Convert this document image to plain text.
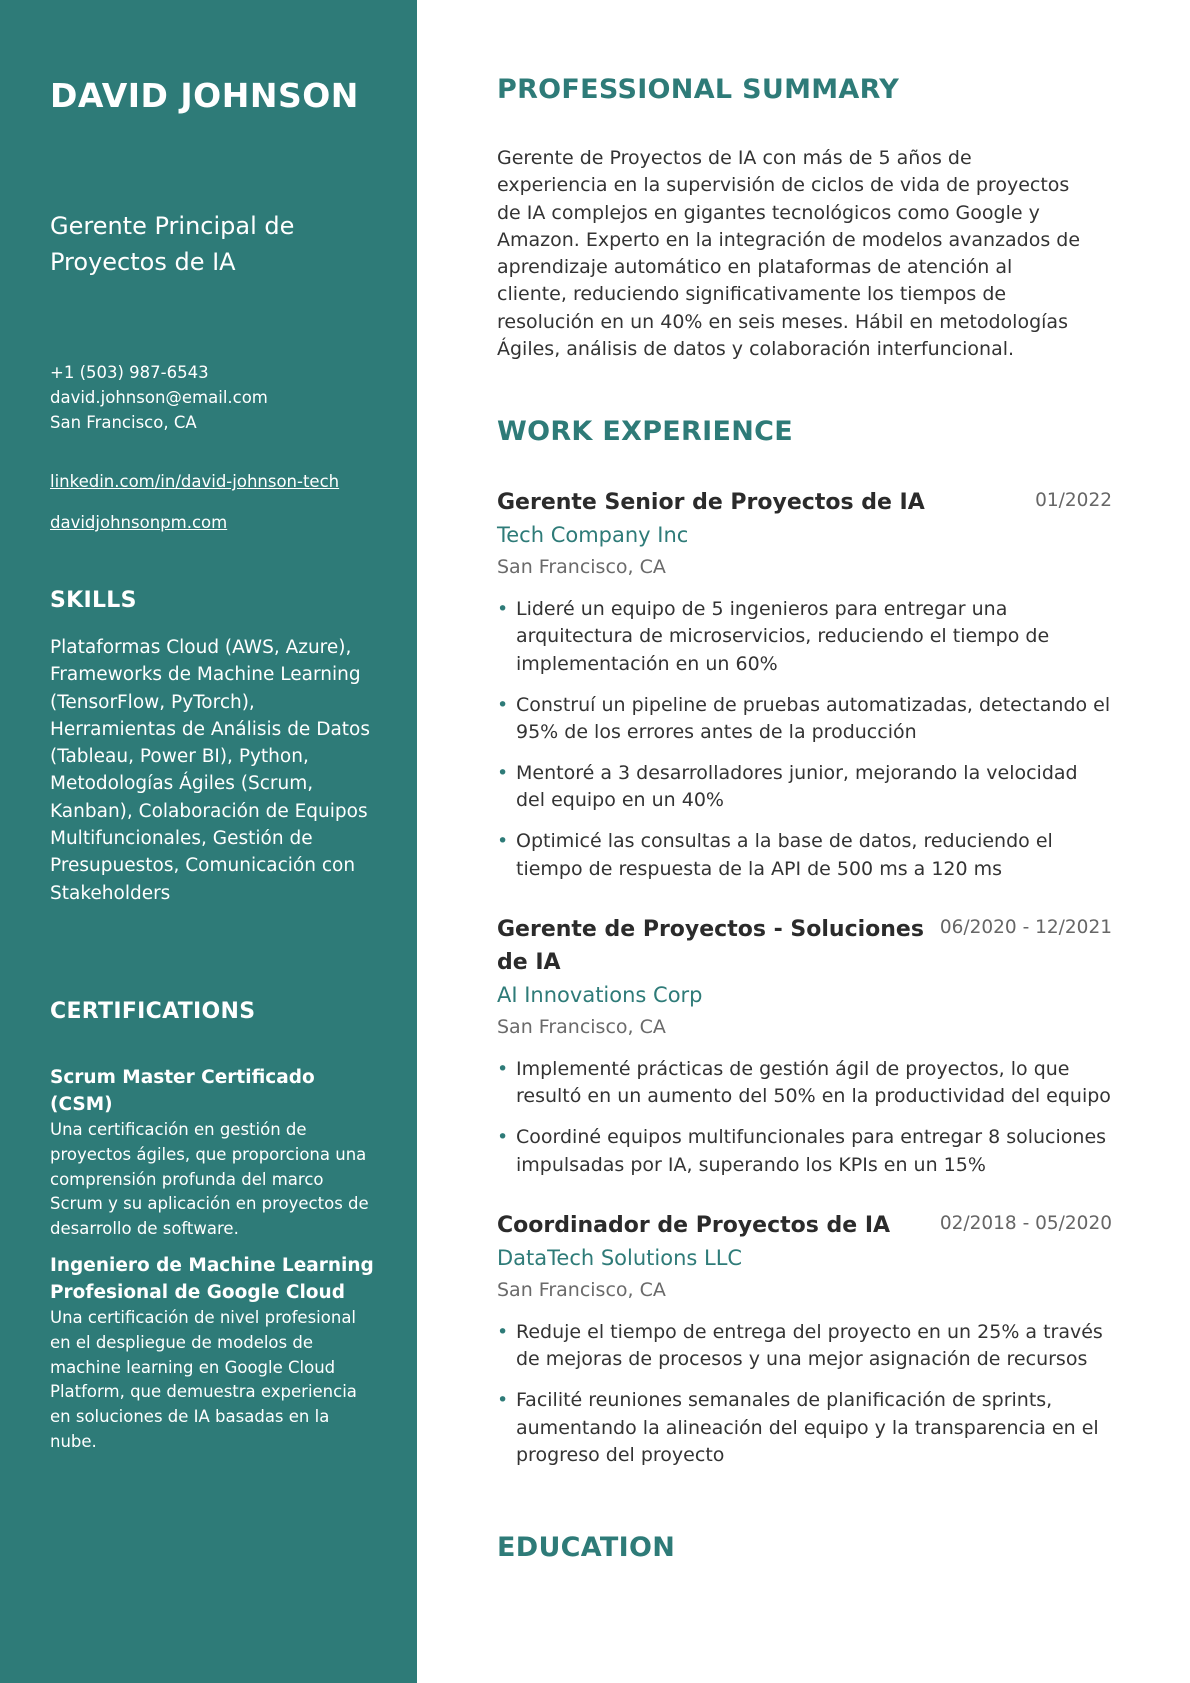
DAVID JOHNSON
Gerente Principal de
Proyectos de IA
+1 (503) 987-6543
david.johnson@email.com
San Francisco, CA
linkedin.com/in/david-johnson-tech
davidjohnsonpm.com
SKILLS
Plataformas Cloud (AWS, Azure), Frameworks de Machine Learning (TensorFlow, PyTorch), Herramientas de Análisis de Datos (Tableau, Power BI), Python, Metodologías Ágiles (Scrum, Kanban), Colaboración de Equipos Multifuncionales, Gestión de Presupuestos, Comunicación con Stakeholders
CERTIFICATIONS
Scrum Master Certificado (CSM)
Una certificación en gestión de proyectos ágiles, que proporciona una comprensión profunda del marco Scrum y su aplicación en proyectos de desarrollo de software.
Ingeniero de Machine Learning Profesional de Google Cloud
Una certificación de nivel profesional en el despliegue de modelos de machine learning en Google Cloud Platform, que demuestra experiencia en soluciones de IA basadas en la nube.
PROFESSIONAL SUMMARY
Gerente de Proyectos de IA con más de 5 años de experiencia en la supervisión de ciclos de vida de proyectos de IA complejos en gigantes tecnológicos como Google y Amazon. Experto en la integración de modelos avanzados de aprendizaje automático en plataformas de atención al cliente, reduciendo significativamente los tiempos de resolución en un 40% en seis meses. Hábil en metodologías Ágiles, análisis de datos y colaboración interfuncional.
WORK EXPERIENCE
Gerente Senior de Proyectos de IA	01/2022
Tech Company Inc
San Francisco, CA
• Lideré un equipo de 5 ingenieros para entregar una arquitectura de microservicios, reduciendo el tiempo de implementación en un 60%
• Construí un pipeline de pruebas automatizadas, detectando el 95% de los errores antes de la producción
• Mentoré a 3 desarrolladores junior, mejorando la velocidad del equipo en un 40%
• Optimicé las consultas a la base de datos, reduciendo el tiempo de respuesta de la API de 500 ms a 120 ms
Gerente de Proyectos - Soluciones de IA
06/2020 - 12/2021
AI Innovations Corp
San Francisco, CA
• Implementé prácticas de gestión ágil de proyectos, lo que resultó en un aumento del 50% en la productividad del equipo
• Coordiné equipos multifuncionales para entregar 8 soluciones impulsadas por IA, superando los KPIs en un 15%
Coordinador de Proyectos de IA	02/2018 - 05/2020
DataTech Solutions LLC
San Francisco, CA
• Reduje el tiempo de entrega del proyecto en un 25% a través de mejoras de procesos y una mejor asignación de recursos
• Facilité reuniones semanales de planificación de sprints, aumentando la alineación del equipo y la transparencia en el progreso del proyecto
EDUCATION
